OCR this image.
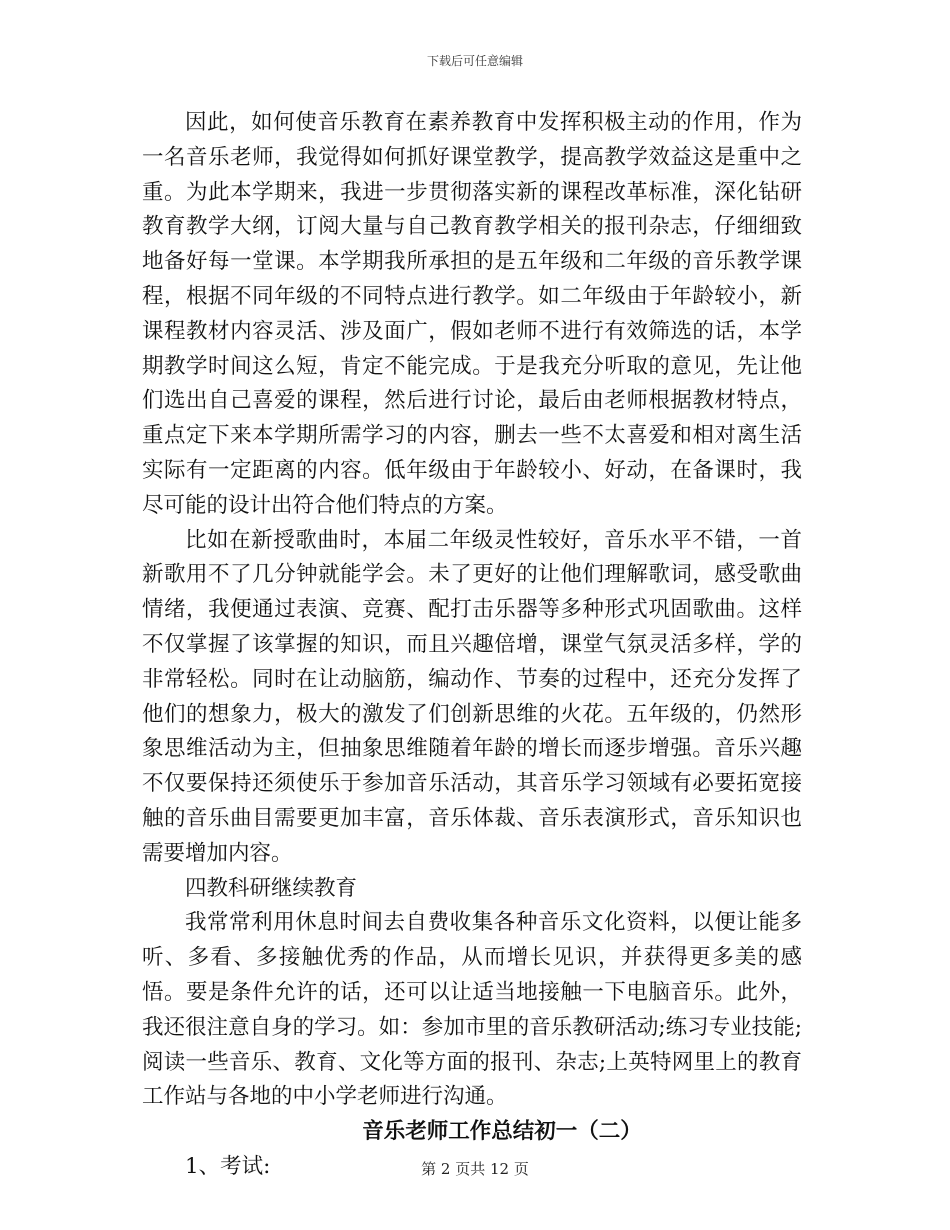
下载后可任意编辑

因此，如何使音乐教育在素养教育中发挥积极主动的作用，作为一名音乐老师，我觉得如何抓好课堂教学，提高教学效益这是重中之重。为此本学期来，我进一步贯彻落实新的课程改革标准，深化钻研教育教学大纲，订阅大量与自己教育教学相关的报刊杂志，仔细细致地备好每一堂课。本学期我所承担的是五年级和二年级的音乐教学课程，根据不同年级的不同特点进行教学。如二年级由于年龄较小，新课程教材内容灵活、涉及面广，假如老师不进行有效筛选的话，本学期教学时间这么短，肯定不能完成。于是我充分听取的意见，先让他们选出自己喜爱的课程，然后进行讨论，最后由老师根据教材特点，重点定下来本学期所需学习的内容，删去一些不太喜爱和相对离生活实际有一定距离的内容。低年级由于年龄较小、好动，在备课时，我尽可能的设计出符合他们特点的方案。

比如在新授歌曲时，本届二年级灵性较好，音乐水平不错，一首新歌用不了几分钟就能学会。未了更好的让他们理解歌词，感受歌曲情绪，我便通过表演、竞赛、配打击乐器等多种形式巩固歌曲。这样不仅掌握了该掌握的知识，而且兴趣倍增，课堂气氛灵活多样，学的非常轻松。同时在让动脑筋，编动作、节奏的过程中，还充分发挥了他们的想象力，极大的激发了们创新思维的火花。五年级的，仍然形象思维活动为主，但抽象思维随着年龄的增长而逐步增强。音乐兴趣不仅要保持还须使乐于参加音乐活动，其音乐学习领域有必要拓宽接触的音乐曲目需要更加丰富，音乐体裁、音乐表演形式，音乐知识也需要增加内容。

四教科研继续教育

我常常利用休息时间去自费收集各种音乐文化资料，以便让能多听、多看、多接触优秀的作品，从而增长见识，并获得更多美的感悟。要是条件允许的话，还可以让适当地接触一下电脑音乐。此外，我还很注意自身的学习。如：参加市里的音乐教研活动;练习专业技能;阅读一些音乐、教育、文化等方面的报刊、杂志;上英特网里上的教育工作站与各地的中小学老师进行沟通。

音乐老师工作总结初一（二）

1、考试:	第 2 页共 12 页
